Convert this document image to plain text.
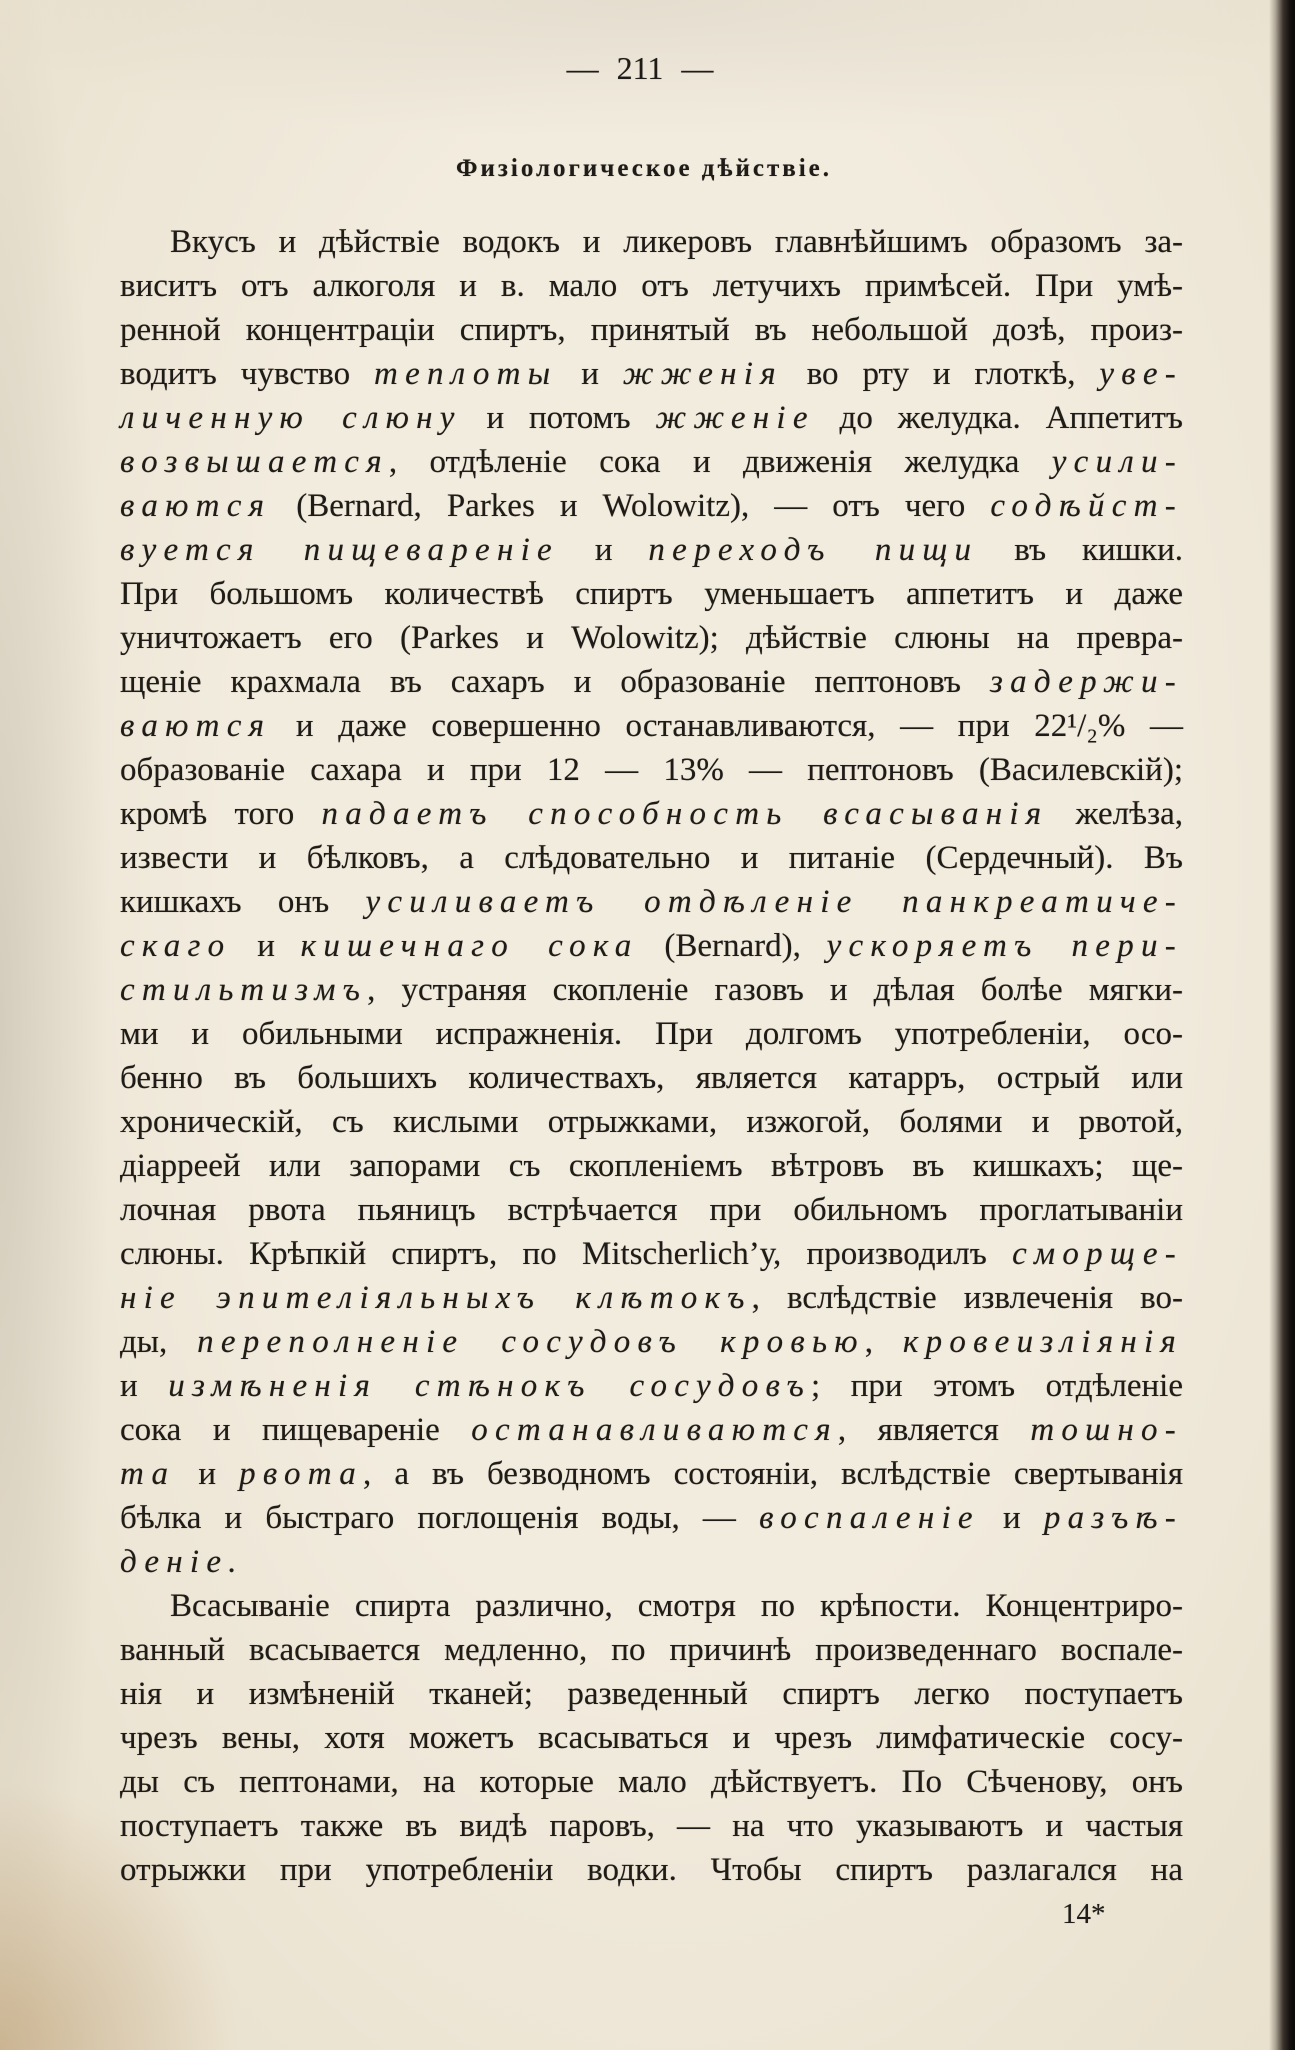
— 211 —
Физіологическое дѣйствіе.
Вкусъ и дѣйствіе водокъ и ликеровъ главнѣйшимъ образомъ за-
виситъ отъ алкоголя и в. мало отъ летучихъ примѣсей. При умѣ-
ренной концентраціи спиртъ, принятый въ небольшой дозѣ, произ-
водитъ чувство теплоты и жженія во рту и глоткѣ, уве-
личенную слюну и потомъ жженіе до желудка. Аппетитъ
возвышается, отдѣленіе сока и движенія желудка усили-
ваются (Bernard, Parkes и Wolowitz), — отъ чего содѣйст-
вуется пищевареніе и переходъ пищи въ кишки.
При большомъ количествѣ спиртъ уменьшаетъ аппетитъ и даже
уничтожаетъ его (Parkes и Wolowitz); дѣйствіе слюны на превра-
щеніе крахмала въ сахаръ и образованіе пептоновъ задержи-
ваются и даже совершенно останавливаются, — при 22¹/₂% —
образованіе сахара и при 12 — 13% — пептоновъ (Василевскій);
кромѣ того падаетъ способность всасыванія желѣза,
извести и бѣлковъ, а слѣдовательно и питаніе (Сердечный). Въ
кишкахъ онъ усиливаетъ отдѣленіе панкреатиче-
скаго и кишечнаго сока (Bernard), ускоряетъ пери-
стильтизмъ, устраняя скопленіе газовъ и дѣлая болѣе мягки-
ми и обильными испражненія. При долгомъ употребленіи, осо-
бенно въ большихъ количествахъ, является катарръ, острый или
хроническій, съ кислыми отрыжками, изжогой, болями и рвотой,
діарреей или запорами съ скопленіемъ вѣтровъ въ кишкахъ; ще-
лочная рвота пьяницъ встрѣчается при обильномъ проглатываніи
слюны. Крѣпкій спиртъ, по Mitscherlich’у, производилъ сморще-
ніе эпителіяльныхъ клѣтокъ, вслѣдствіе извлеченія во-
ды, переполненіе сосудовъ кровью, кровеизліянія
и измѣненія стѣнокъ сосудовъ; при этомъ отдѣленіе
сока и пищевареніе останавливаются, является тошно-
та и рвота, а въ безводномъ состояніи, вслѣдствіе свертыванія
бѣлка и быстраго поглощенія воды, — воспаленіе и разъѣ-
деніе.
Всасываніе спирта различно, смотря по крѣпости. Концентриро-
ванный всасывается медленно, по причинѣ произведеннаго воспале-
нія и измѣненій тканей; разведенный спиртъ легко поступаетъ
чрезъ вены, хотя можетъ всасываться и чрезъ лимфатическіе сосу-
ды съ пептонами, на которые мало дѣйствуетъ. По Сѣченову, онъ
поступаетъ также въ видѣ паровъ, — на что указываютъ и частыя
отрыжки при употребленіи водки. Чтобы спиртъ разлагался на
14*
